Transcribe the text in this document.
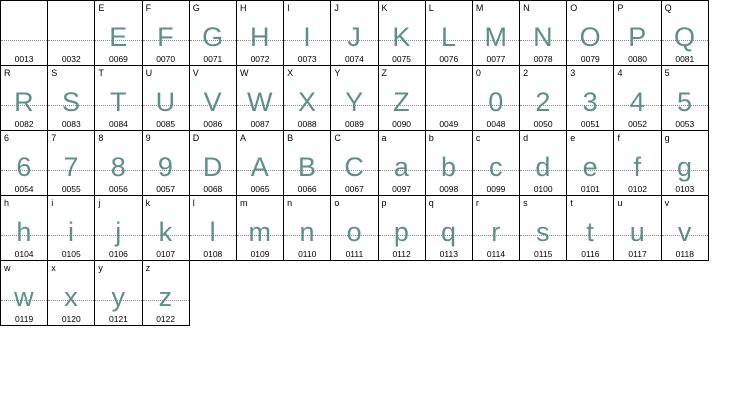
0013	0032

E
E
0069

F
F
0070

G
G
0071

H
H
0072

I
I
0073

J
J
0074

K
K
0075

L
L
0076

M
M
0077

N
N
0078

O
O
0079

P
P
0080

Q
Q
0081

R
R
0082

S
S
0083

T
T
0084

U
U
0085

V
V
0086

W
W
0087

X
X
0088

Y
Y
0089

Z
Z
0090	0049

0
0
0048

2
2
0050

3
3
0051

4
4
0052

5
5
0053

6
6
0054

7
7
0055

8
8
0056

9
9
0057

D
D
0068

A
A
0065

B
B
0066

C
C
0067

a
a
0097

b
b
0098

c
c
0099

d
d
0100

e
e
0101

f
f
0102

g
g
0103

h
h
0104

i
i
0105

j
j
0106

k
k
0107

l
l
0108

m
m
0109

n
n
0110

o
o
0111

p
p
0112

q
q
0113

r
r
0114

s
s
0115

t
t
0116

u
u
0117

v
v
0118

w
w
0119

x
x
0120

y
y
0121

z
z
0122
